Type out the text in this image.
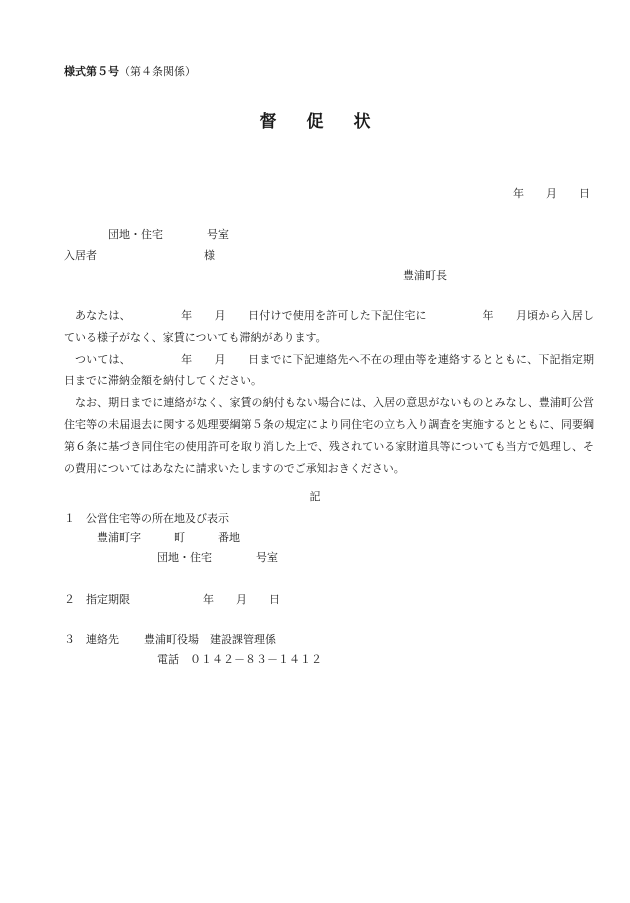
様式第５号（第４条関係）
督促状
年　　月　　日
団地・住宅　　　　号室
入居者	様
豊浦町長

あなたは、　　　　　年　　月　　日付けで使用を許可した下記住宅に　　　　　年　　月頃から入居している様子がなく、家賃についても滞納があります。

ついては、　　　　　年　　月　　日までに下記連絡先へ不在の理由等を連絡するとともに、下記指定期日までに滞納金額を納付してください。

なお、期日までに連絡がなく、家賃の納付もない場合には、入居の意思がないものとみなし、豊浦町公営住宅等の未届退去に関する処理要綱第５条の規定により同住宅の立ち入り調査を実施するとともに、同要綱第６条に基づき同住宅の使用許可を取り消した上で、残されている家財道具等についても当方で処理し、その費用についてはあなたに請求いたしますのでご承知おきください。

記
１ 公営住宅等の所在地及び表示
豊浦町字　　　町　　　番地
団地・住宅　　　　号室
２ 指定期限	年　　月　　日
３ 連絡先 豊浦町役場　建設課管理係
電話　０１４２－８３－１４１２
